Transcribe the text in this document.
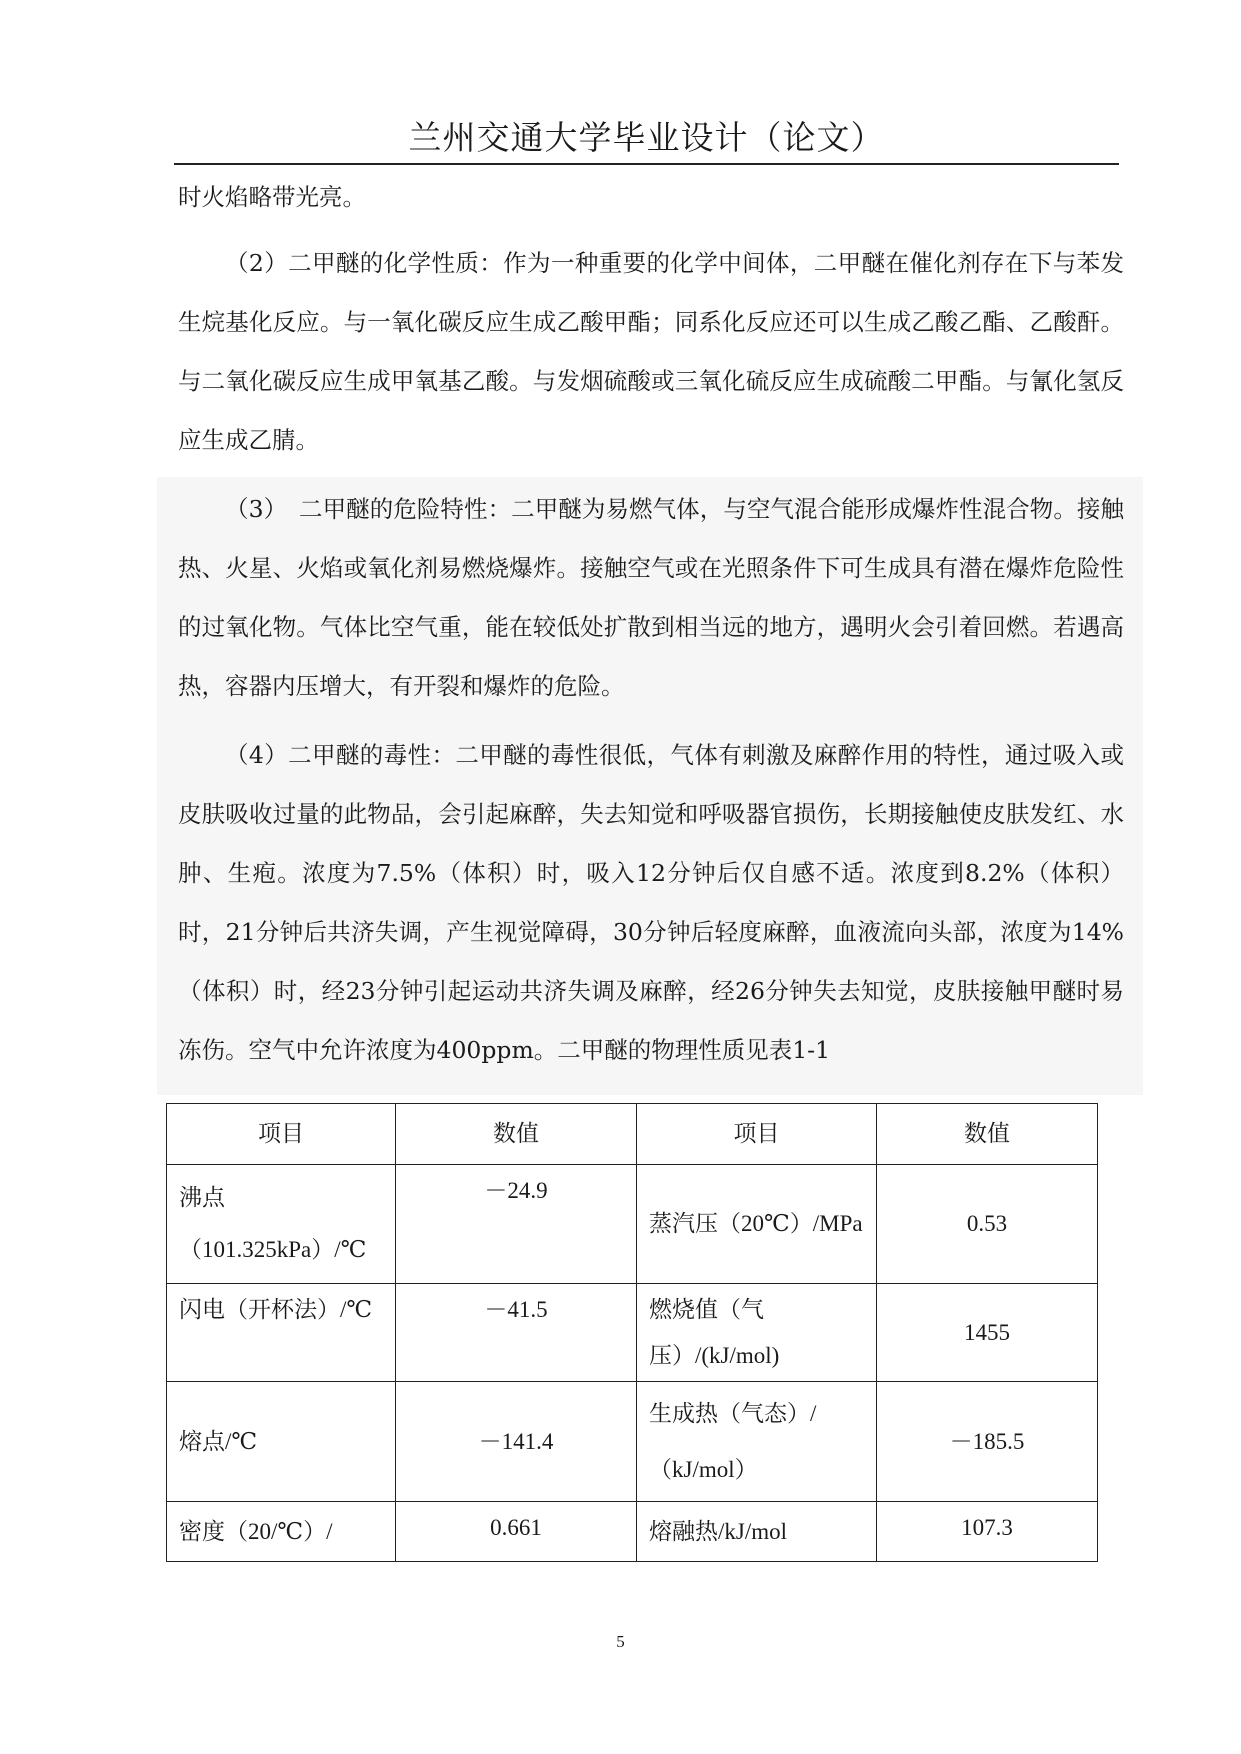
兰州交通大学毕业设计（论文）

时火焰略带光亮。

（2）二甲醚的化学性质：作为一种重要的化学中间体，二甲醚在催化剂存在下与苯发生烷基化反应。与一氧化碳反应生成乙酸甲酯；同系化反应还可以生成乙酸乙酯、乙酸酐。与二氧化碳反应生成甲氧基乙酸。与发烟硫酸或三氧化硫反应生成硫酸二甲酯。与氰化氢反应生成乙腈。

（3）　二甲醚的危险特性：二甲醚为易燃气体，与空气混合能形成爆炸性混合物。接触热、火星、火焰或氧化剂易燃烧爆炸。接触空气或在光照条件下可生成具有潜在爆炸危险性的过氧化物。气体比空气重，能在较低处扩散到相当远的地方，遇明火会引着回燃。若遇高热，容器内压增大，有开裂和爆炸的危险。

（4）二甲醚的毒性：二甲醚的毒性很低，气体有刺激及麻醉作用的特性，通过吸入或皮肤吸收过量的此物品，会引起麻醉，失去知觉和呼吸器官损伤，长期接触使皮肤发红、水肿、生疱。浓度为7.5%（体积）时，吸入12分钟后仅自感不适。浓度到8.2%（体积）时，21分钟后共济失调，产生视觉障碍，30分钟后轻度麻醉，血液流向头部，浓度为14%（体积）时，经23分钟引起运动共济失调及麻醉，经26分钟失去知觉，皮肤接触甲醚时易冻伤。空气中允许浓度为400ppm。二甲醚的物理性质见表1-1

项目	数值	项目	数值
沸点（101.325kPa）/℃	－24.9	蒸汽压（20℃）/MPa	0.53
闪电（开杯法）/℃	－41.5	燃烧值（气压）/(kJ/mol)	1455
熔点/℃	－141.4	生成热（气态）/（kJ/mol）	－185.5
密度（20/℃）/	0.661	熔融热/kJ/mol	107.3
5
